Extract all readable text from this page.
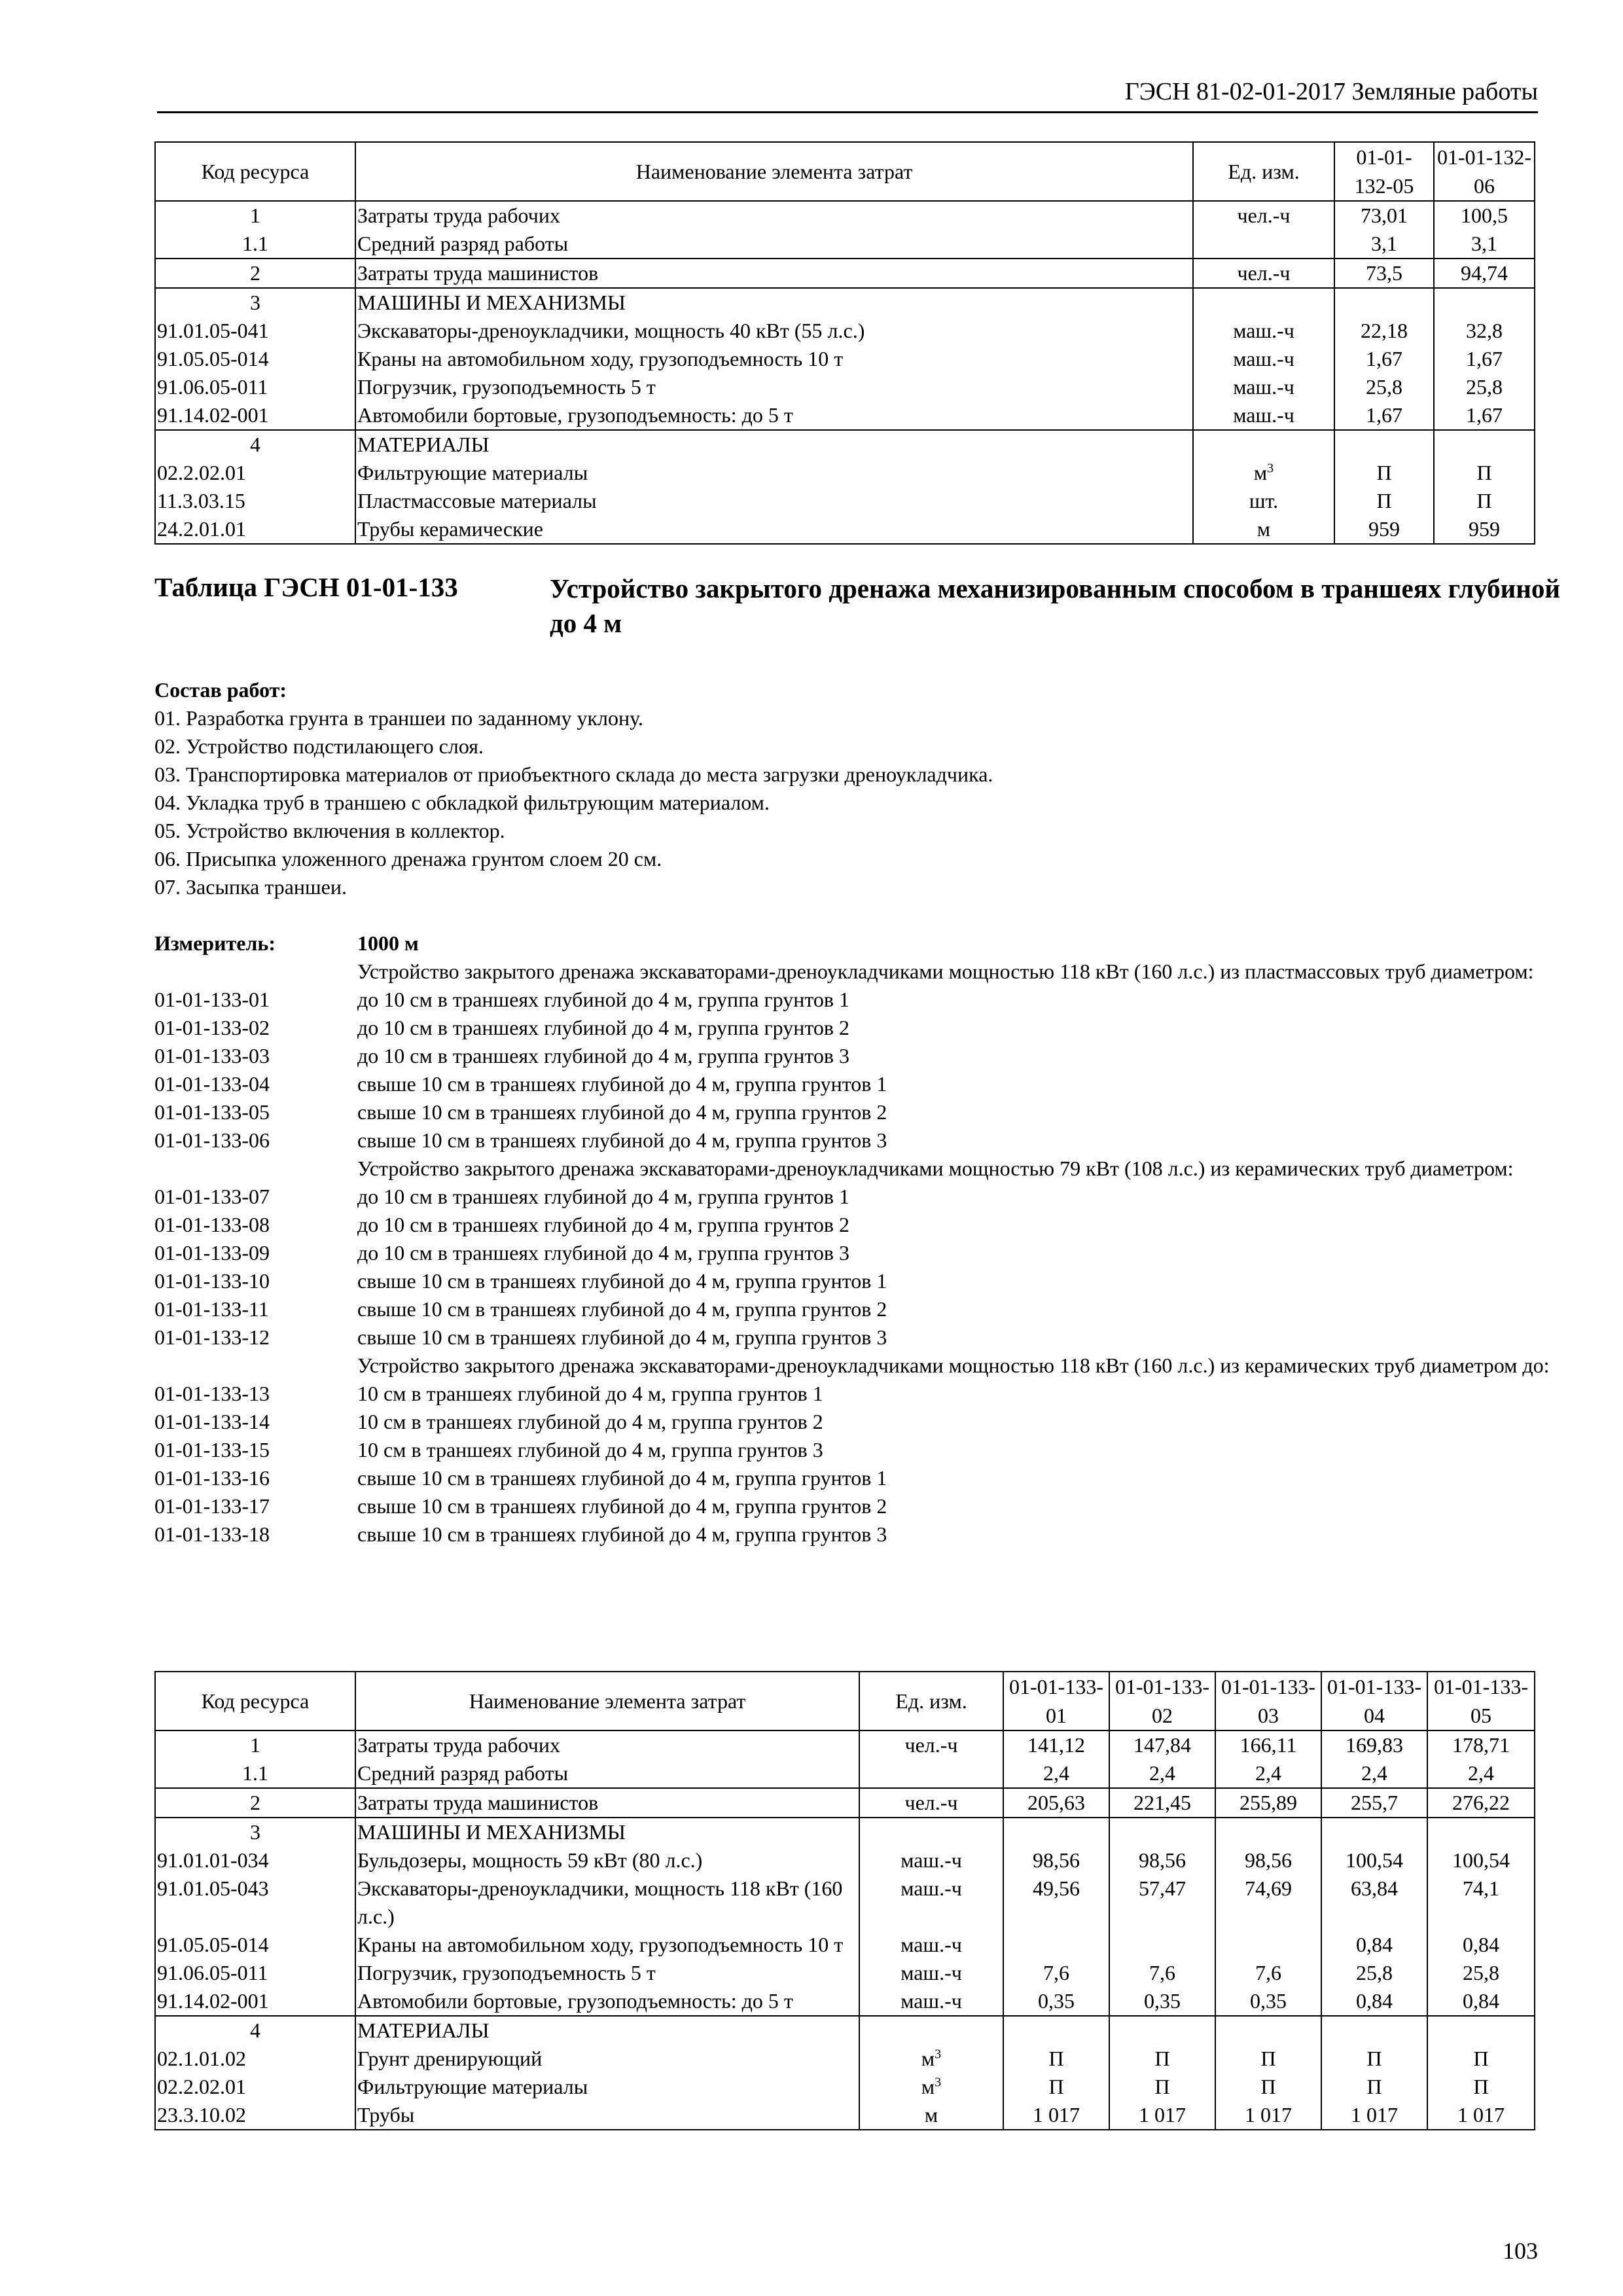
ГЭСН 81-02-01-2017 Земляные работы
Код ресурса	Наименование элемента затрат	Ед. изм.	01-01-132-05	01-01-132-06
1	Затраты труда рабочих	чел.-ч	73,01	100,5
1.1	Средний разряд работы		3,1	3,1
2	Затраты труда машинистов	чел.-ч	73,5	94,74
3	МАШИНЫ И МЕХАНИЗМЫ			
91.01.05-041	Экскаваторы-дреноукладчики, мощность 40 кВт (55 л.с.)	маш.-ч	22,18	32,8
91.05.05-014	Краны на автомобильном ходу, грузоподъемность 10 т	маш.-ч	1,67	1,67
91.06.05-011	Погрузчик, грузоподъемность 5 т	маш.-ч	25,8	25,8
91.14.02-001	Автомобили бортовые, грузоподъемность: до 5 т	маш.-ч	1,67	1,67
4	МАТЕРИАЛЫ			
02.2.02.01	Фильтрующие материалы	$м^3$	П	П
11.3.03.15	Пластмассовые материалы	шт.	П	П
24.2.01.01	Трубы керамические	м	959	959
Таблица ГЭСН 01-01-133	Устройство закрытого дренажа механизированным способом в траншеях глубиной до 4 м
Состав работ:
01. Разработка грунта в траншеи по заданному уклону.
02. Устройство подстилающего слоя.
03. Транспортировка материалов от приобъектного склада до места загрузки дреноукладчика.
04. Укладка труб в траншею с обкладкой фильтрующим материалом.
05. Устройство включения в коллектор.
06. Присыпка уложенного дренажа грунтом слоем 20 см.
07. Засыпка траншеи.
Измеритель:	1000 м
Устройство закрытого дренажа экскаваторами-дреноукладчиками мощностью 118 кВт (160 л.с.) из пластмассовых труб диаметром:
01-01-133-01	до 10 см в траншеях глубиной до 4 м, группа грунтов 1
01-01-133-02	до 10 см в траншеях глубиной до 4 м, группа грунтов 2
01-01-133-03	до 10 см в траншеях глубиной до 4 м, группа грунтов 3
01-01-133-04	свыше 10 см в траншеях глубиной до 4 м, группа грунтов 1
01-01-133-05	свыше 10 см в траншеях глубиной до 4 м, группа грунтов 2
01-01-133-06	свыше 10 см в траншеях глубиной до 4 м, группа грунтов 3
Устройство закрытого дренажа экскаваторами-дреноукладчиками мощностью 79 кВт (108 л.с.) из керамических труб диаметром:
01-01-133-07	до 10 см в траншеях глубиной до 4 м, группа грунтов 1
01-01-133-08	до 10 см в траншеях глубиной до 4 м, группа грунтов 2
01-01-133-09	до 10 см в траншеях глубиной до 4 м, группа грунтов 3
01-01-133-10	свыше 10 см в траншеях глубиной до 4 м, группа грунтов 1
01-01-133-11	свыше 10 см в траншеях глубиной до 4 м, группа грунтов 2
01-01-133-12	свыше 10 см в траншеях глубиной до 4 м, группа грунтов 3
Устройство закрытого дренажа экскаваторами-дреноукладчиками мощностью 118 кВт (160 л.с.) из керамических труб диаметром до:
01-01-133-13	10 см в траншеях глубиной до 4 м, группа грунтов 1
01-01-133-14	10 см в траншеях глубиной до 4 м, группа грунтов 2
01-01-133-15	10 см в траншеях глубиной до 4 м, группа грунтов 3
01-01-133-16	свыше 10 см в траншеях глубиной до 4 м, группа грунтов 1
01-01-133-17	свыше 10 см в траншеях глубиной до 4 м, группа грунтов 2
01-01-133-18	свыше 10 см в траншеях глубиной до 4 м, группа грунтов 3
Код ресурса	Наименование элемента затрат	Ед. изм.	01-01-133-01	01-01-133-02	01-01-133-03	01-01-133-04	01-01-133-05
1	Затраты труда рабочих	чел.-ч	141,12	147,84	166,11	169,83	178,71
1.1	Средний разряд работы		2,4	2,4	2,4	2,4	2,4
2	Затраты труда машинистов	чел.-ч	205,63	221,45	255,89	255,7	276,22
3	МАШИНЫ И МЕХАНИЗМЫ						
91.01.01-034	Бульдозеры, мощность 59 кВт (80 л.с.)	маш.-ч	98,56	98,56	98,56	100,54	100,54
91.01.05-043	Экскаваторы-дреноукладчики, мощность 118 кВт (160 л.с.)	маш.-ч	49,56	57,47	74,69	63,84	74,1
91.05.05-014	Краны на автомобильном ходу, грузоподъемность 10 т	маш.-ч				0,84	0,84
91.06.05-011	Погрузчик, грузоподъемность 5 т	маш.-ч	7,6	7,6	7,6	25,8	25,8
91.14.02-001	Автомобили бортовые, грузоподъемность: до 5 т	маш.-ч	0,35	0,35	0,35	0,84	0,84
4	МАТЕРИАЛЫ						
02.1.01.02	Грунт дренирующий	$м^3$	П	П	П	П	П
02.2.02.01	Фильтрующие материалы	$м^3$	П	П	П	П	П
23.3.10.02	Трубы	м	1 017	1 017	1 017	1 017	1 017
103
